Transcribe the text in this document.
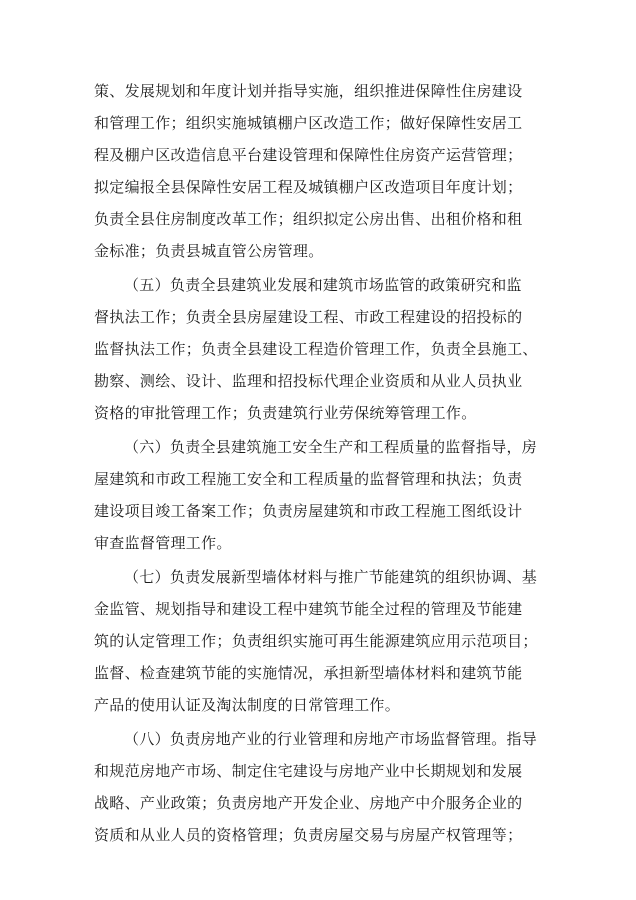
策、发展规划和年度计划并指导实施，组织推进保障性住房建设
和管理工作；组织实施城镇棚户区改造工作；做好保障性安居工
程及棚户区改造信息平台建设管理和保障性住房资产运营管理；
拟定编报全县保障性安居工程及城镇棚户区改造项目年度计划；
负责全县住房制度改革工作；组织拟定公房出售、出租价格和租
金标准；负责县城直管公房管理。
（五）负责全县建筑业发展和建筑市场监管的政策研究和监
督执法工作；负责全县房屋建设工程、市政工程建设的招投标的
监督执法工作；负责全县建设工程造价管理工作，负责全县施工、
勘察、测绘、设计、监理和招投标代理企业资质和从业人员执业
资格的审批管理工作；负责建筑行业劳保统筹管理工作。
（六）负责全县建筑施工安全生产和工程质量的监督指导，房
屋建筑和市政工程施工安全和工程质量的监督管理和执法；负责
建设项目竣工备案工作；负责房屋建筑和市政工程施工图纸设计
审查监督管理工作。
（七）负责发展新型墙体材料与推广节能建筑的组织协调、基
金监管、规划指导和建设工程中建筑节能全过程的管理及节能建
筑的认定管理工作；负责组织实施可再生能源建筑应用示范项目；
监督、检查建筑节能的实施情况，承担新型墙体材料和建筑节能
产品的使用认证及淘汰制度的日常管理工作。
（八）负责房地产业的行业管理和房地产市场监督管理。指导
和规范房地产市场、制定住宅建设与房地产业中长期规划和发展
战略、产业政策；负责房地产开发企业、房地产中介服务企业的
资质和从业人员的资格管理；负责房屋交易与房屋产权管理等；
